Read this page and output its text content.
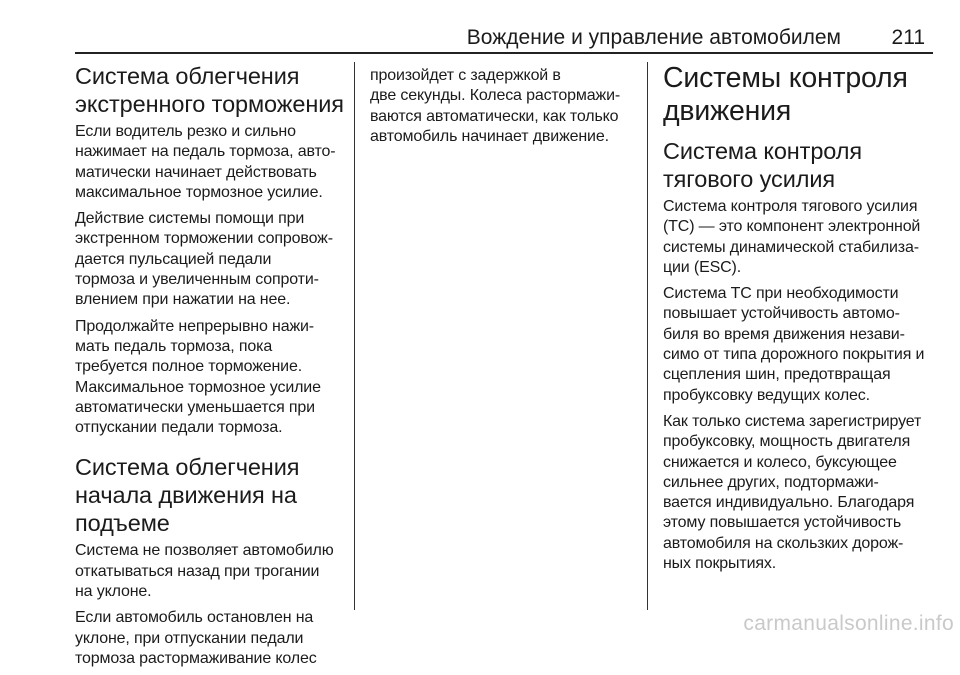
Вождение и управление автомобилем 211
Система облегчения
экстренного торможения

Если водитель резко и сильно
нажимает на педаль тормоза, авто-
матически начинает действовать
максимальное тормозное усилие.

Действие системы помощи при
экстренном торможении сопровож-
дается пульсацией педали
тормоза и увеличенным сопроти-
влением при нажатии на нее.

Продолжайте непрерывно нажи-
мать педаль тормоза, пока
требуется полное торможение.
Максимальное тормозное усилие
автоматически уменьшается при
отпускании педали тормоза.

Система облегчения
начала движения на
подъеме

Система не позволяет автомобилю
откатываться назад при трогании
на уклоне.

Если автомобиль остановлен на
уклоне, при отпускании педали
тормоза растормаживание колес

произойдет с задержкой в
две секунды. Колеса растормажи-
ваются автоматически, как только
автомобиль начинает движение.

Системы контроля
движения
Система контроля
тягового усилия

Система контроля тягового усилия
(TC) — это компонент электронной
системы динамической стабилиза-
ции (ESC).

Система TC при необходимости
повышает устойчивость автомо-
биля во время движения незави-
симо от типа дорожного покрытия и
сцепления шин, предотвращая
пробуксовку ведущих колес.

Как только система зарегистрирует
пробуксовку, мощность двигателя
снижается и колесо, буксующее
сильнее других, подтормажи-
вается индивидуально. Благодаря
этому повышается устойчивость
автомобиля на скользких дорож-
ных покрытиях.

carmanualsonline.info
